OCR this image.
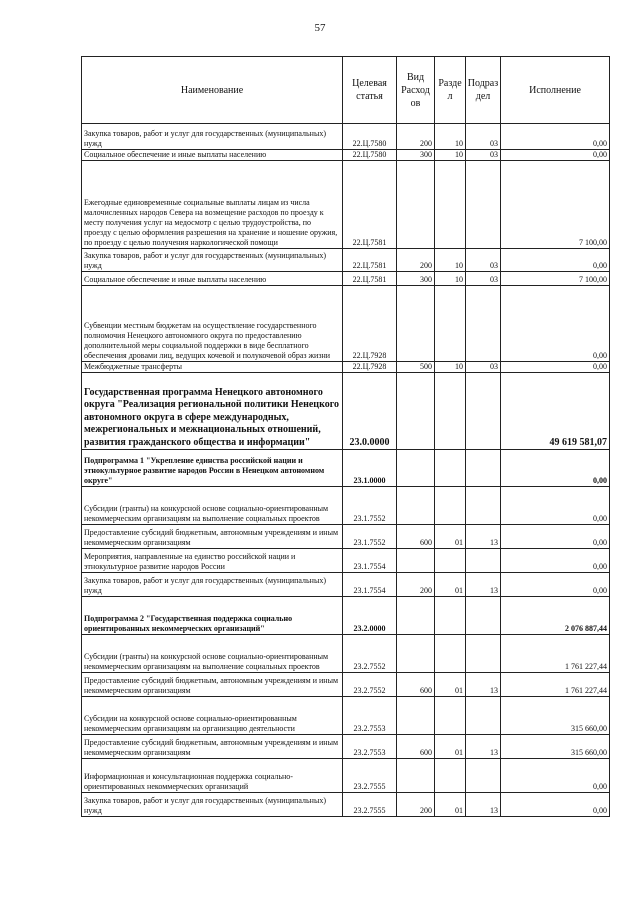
57
Наименование	Целевая статья	Вид Расход ов	Разде л	Подраз дел	Исполнение
Закупка товаров, работ и услуг для государственных (муниципальных) нужд	22.Ц.7580	200	10	03	0,00
Социальное обеспечение и иные выплаты населению	22.Ц.7580	300	10	03	0,00
Ежегодные единовременные социальные выплаты лицам из числа малочисленных народов Севера на возмещение расходов по проезду к месту получения услуг на медосмотр с целью трудоустройства, по проезду с целью оформления разрешения на хранение и ношение оружия, по проезду с целью получения наркологической помощи	22.Ц.7581				7 100,00
Закупка товаров, работ и услуг для государственных (муниципальных) нужд	22.Ц.7581	200	10	03	0,00
Социальное обеспечение и иные выплаты населению	22.Ц.7581	300	10	03	7 100,00
Субвенции местным бюджетам на осуществление государственного полномочия Ненецкого автономного округа по предоставлению дополнительной меры социальной поддержки в виде бесплатного обеспечения дровами лиц, ведущих кочевой и полукочевой образ жизни	22.Ц.7928				0,00
Межбюджетные трансферты	22.Ц.7928	500	10	03	0,00
Государственная программа Ненецкого автономного округа "Реализация региональной политики Ненецкого автономного округа в сфере международных, межрегиональных и межнациональных отношений, развития гражданского общества и информации"	23.0.0000				49 619 581,07
Подпрограмма 1 "Укрепление единства российской нации и этнокультурное развитие народов России в Ненецком автономном округе"	23.1.0000				0,00
Субсидии (гранты) на конкурсной основе социально-ориентированным некоммерческим организациям на выполнение социальных проектов	23.1.7552				0,00
Предоставление субсидий бюджетным, автономным учреждениям и иным некоммерческим организациям	23.1.7552	600	01	13	0,00
Мероприятия, направленные на единство российской нации и этнокультурное развитие народов России	23.1.7554				0,00
Закупка товаров, работ и услуг для государственных (муниципальных) нужд	23.1.7554	200	01	13	0,00
Подпрограмма 2 "Государственная поддержка социально ориентированных некоммерческих организаций"	23.2.0000				2 076 887,44
Субсидии (гранты) на конкурсной основе социально-ориентированным некоммерческим организациям на выполнение социальных проектов	23.2.7552				1 761 227,44
Предоставление субсидий бюджетным, автономным учреждениям и иным некоммерческим организациям	23.2.7552	600	01	13	1 761 227,44
Субсидии на конкурсной основе социально-ориентированным некоммерческим организациям на организацию деятельности	23.2.7553				315 660,00
Предоставление субсидий бюджетным, автономным учреждениям и иным некоммерческим организациям	23.2.7553	600	01	13	315 660,00
Информационная и консультационная поддержка социально-ориентированных некоммерческих организаций	23.2.7555				0,00
Закупка товаров, работ и услуг для государственных (муниципальных) нужд	23.2.7555	200	01	13	0,00
